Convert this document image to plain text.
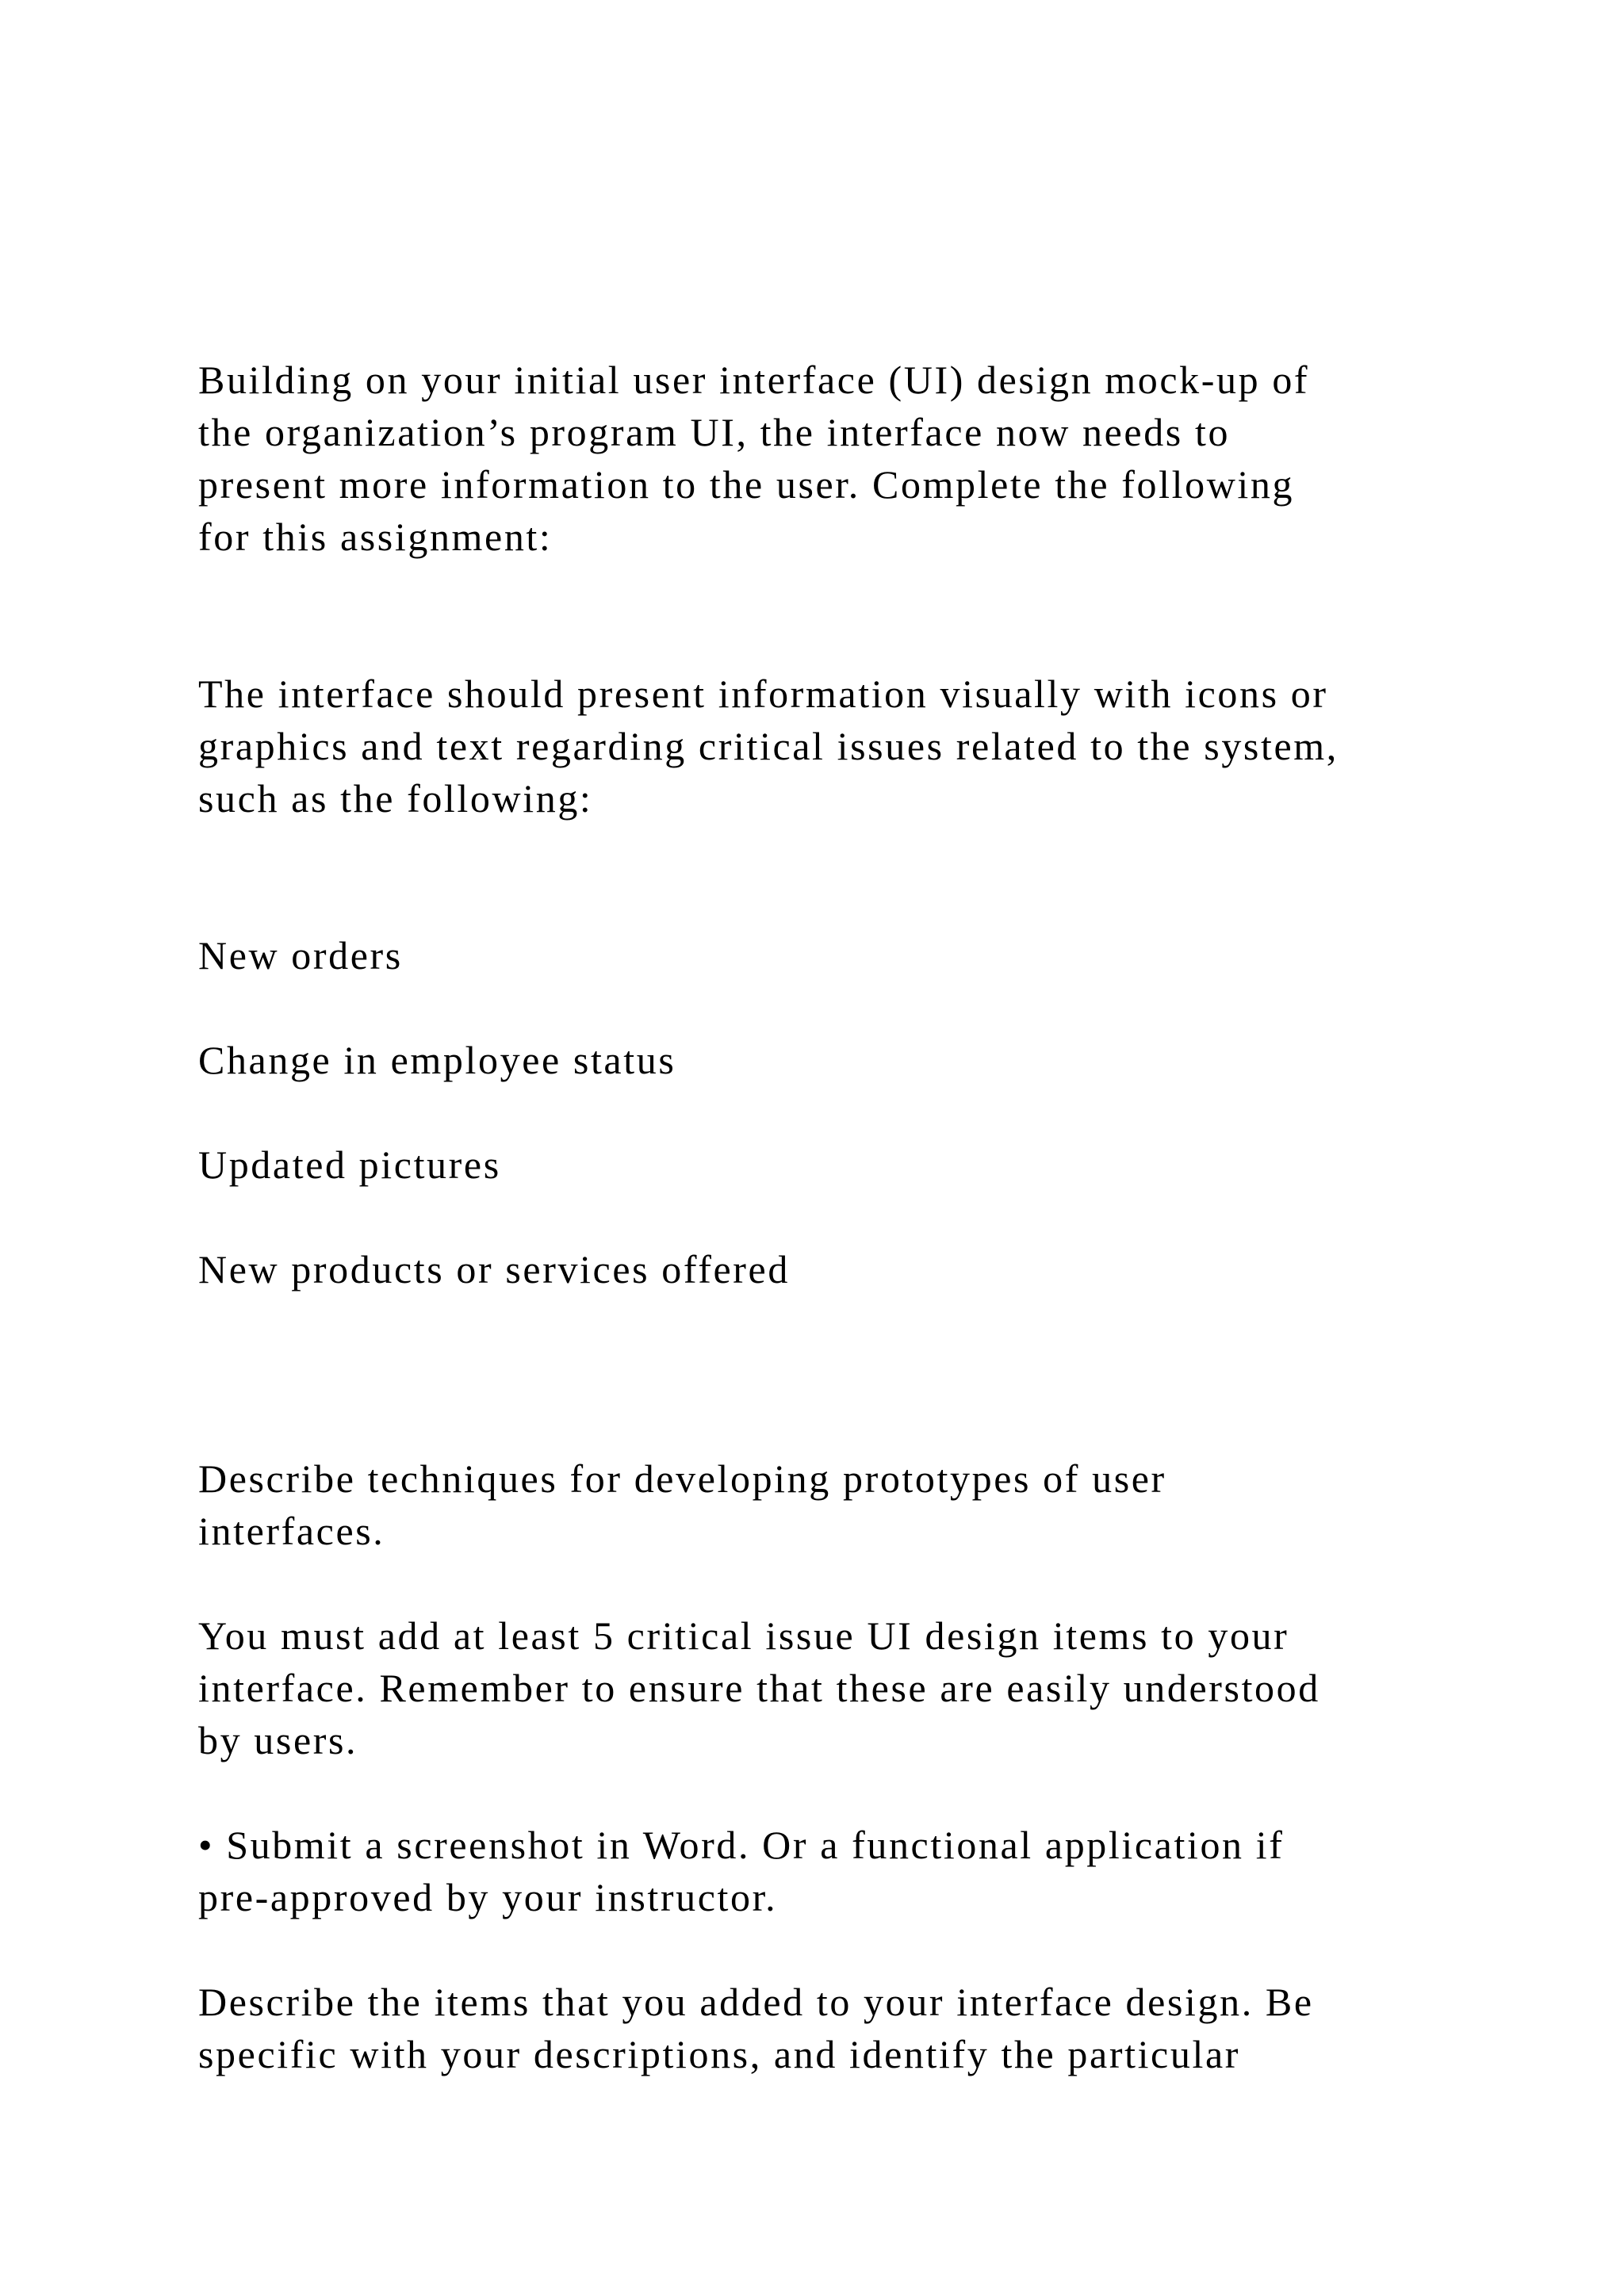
Building on your initial user interface (UI) design mock-up of

the organization’s program UI, the interface now needs to

present more information to the user. Complete the following

for this assignment:

The interface should present information visually with icons or

graphics and text regarding critical issues related to the system,

such as the following:

New orders

Change in employee status

Updated pictures

New products or services offered

Describe techniques for developing prototypes of user

interfaces.

You must add at least 5 critical issue UI design items to your

interface. Remember to ensure that these are easily understood

by users.

• Submit a screenshot in Word. Or a functional application if

pre-approved by your instructor.

Describe the items that you added to your interface design. Be

specific with your descriptions, and identify the particular
